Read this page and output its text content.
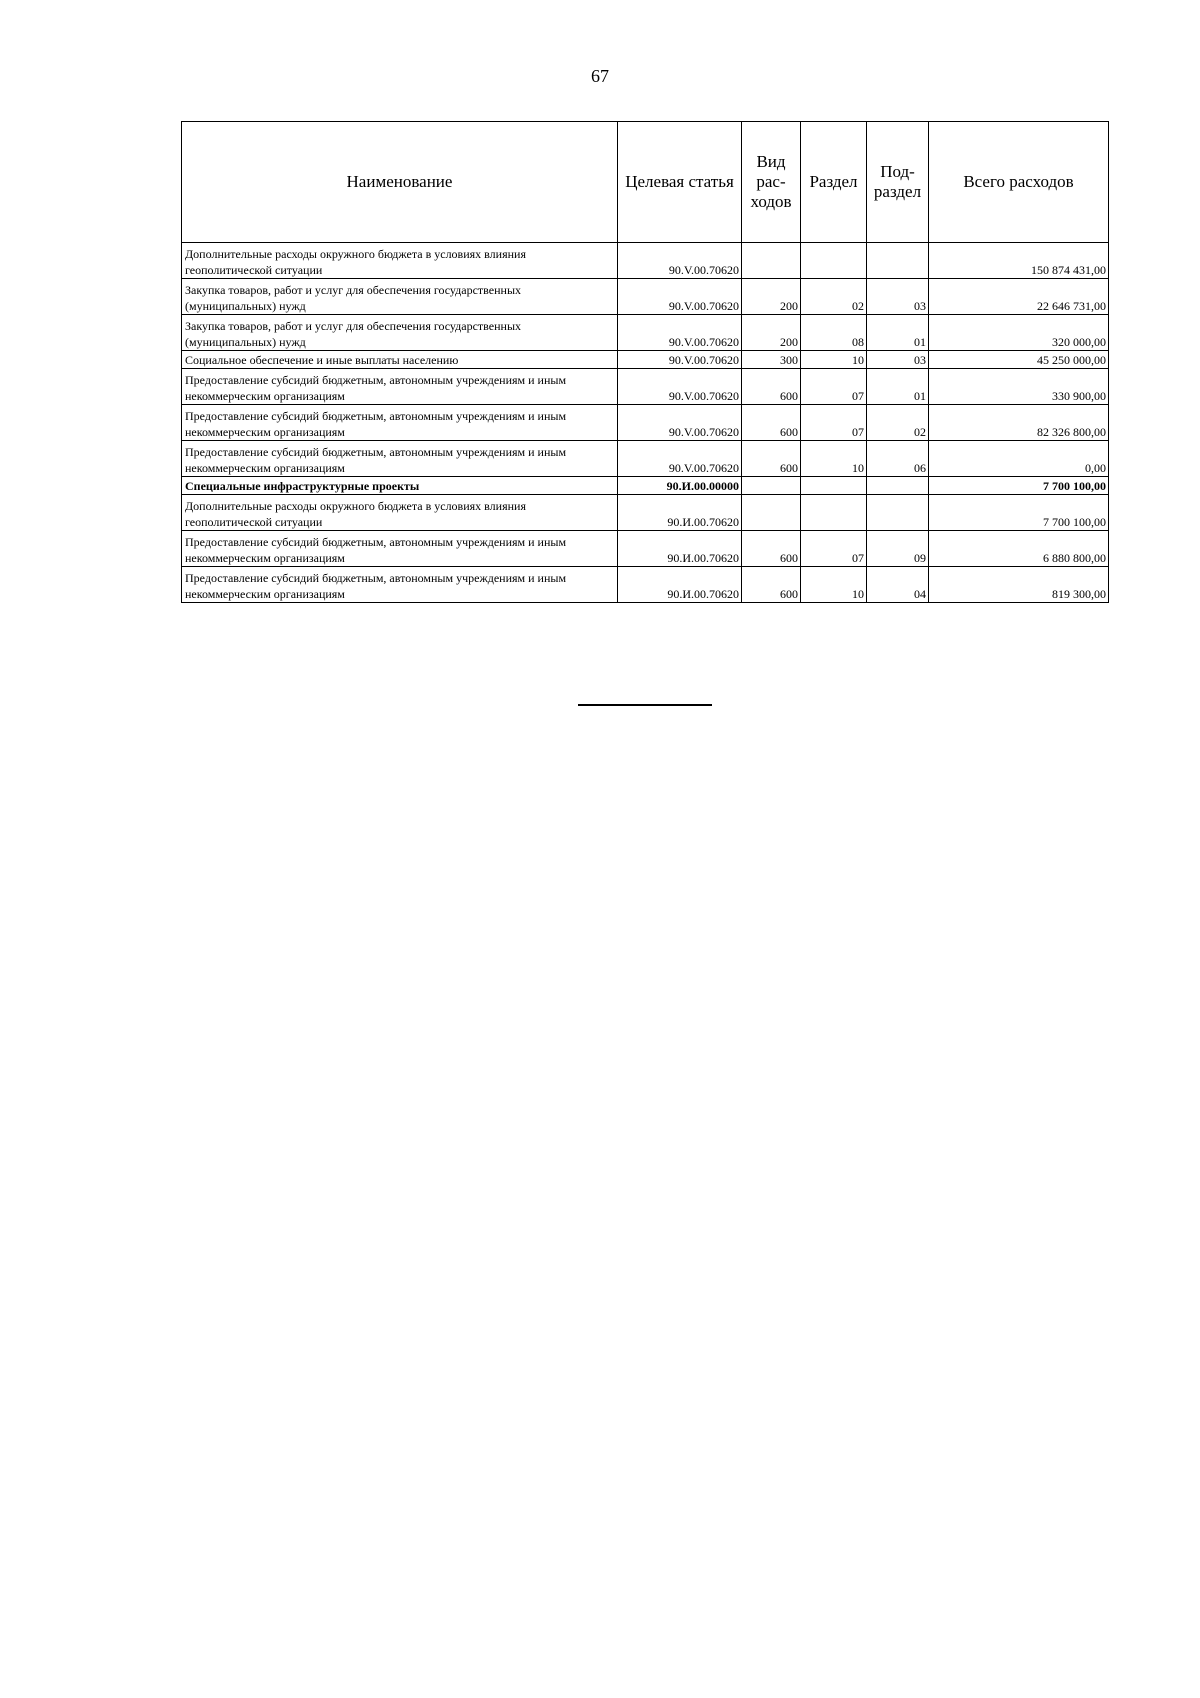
67
Наименование	Целевая статья	Вид рас- ходов	Раздел	Под- раздел	Всего расходов
Дополнительные расходы окружного бюджета в условиях влияния геополитической ситуации	90.V.00.70620				150 874 431,00
Закупка товаров, работ и услуг для обеспечения государственных (муниципальных) нужд	90.V.00.70620	200	02	03	22 646 731,00
Закупка товаров, работ и услуг для обеспечения государственных (муниципальных) нужд	90.V.00.70620	200	08	01	320 000,00
Социальное обеспечение и иные выплаты населению	90.V.00.70620	300	10	03	45 250 000,00
Предоставление субсидий бюджетным, автономным учреждениям и иным некоммерческим организациям	90.V.00.70620	600	07	01	330 900,00
Предоставление субсидий бюджетным, автономным учреждениям и иным некоммерческим организациям	90.V.00.70620	600	07	02	82 326 800,00
Предоставление субсидий бюджетным, автономным учреждениям и иным некоммерческим организациям	90.V.00.70620	600	10	06	0,00
Специальные инфраструктурные проекты	90.И.00.00000				7 700 100,00
Дополнительные расходы окружного бюджета в условиях влияния геополитической ситуации	90.И.00.70620				7 700 100,00
Предоставление субсидий бюджетным, автономным учреждениям и иным некоммерческим организациям	90.И.00.70620	600	07	09	6 880 800,00
Предоставление субсидий бюджетным, автономным учреждениям и иным некоммерческим организациям	90.И.00.70620	600	10	04	819 300,00
